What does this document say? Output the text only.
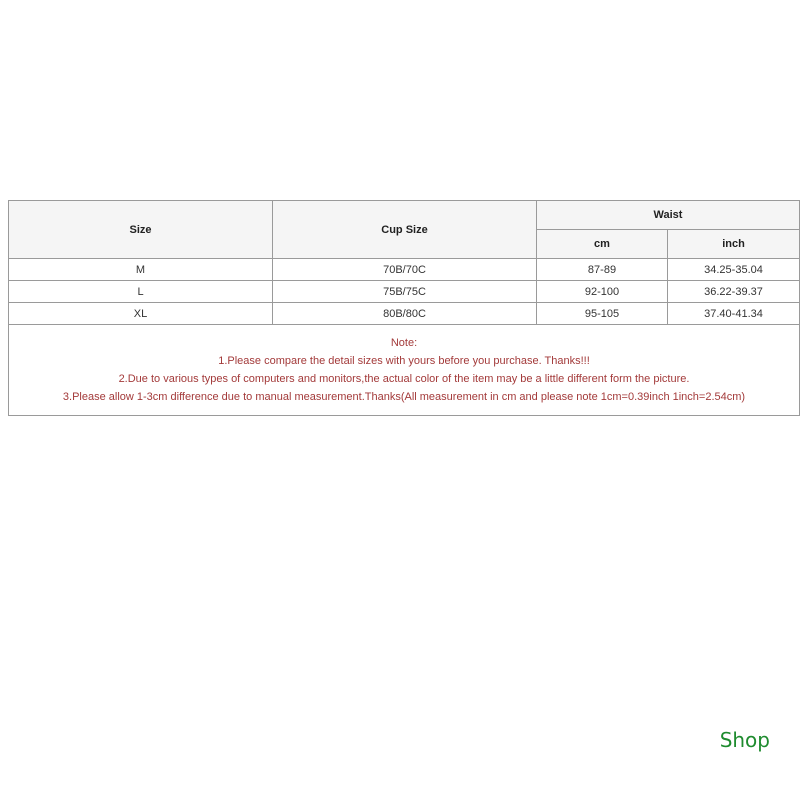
Size	Cup Size	Waist	
		cm	inch
M	70B/70C	87-89	34.25-35.04
L	75B/75C	92-100	36.22-39.37
XL	80B/80C	95-105	37.40-41.34

Note:
1.Please compare the detail sizes with yours before you purchase. Thanks!!!
2.Due to various types of computers and monitors,the actual color of the item may be a little different form the picture.
3.Please allow 1-3cm difference due to manual measurement.Thanks(All measurement in cm and please note 1cm=0.39inch 1inch=2.54cm)			
Shop
